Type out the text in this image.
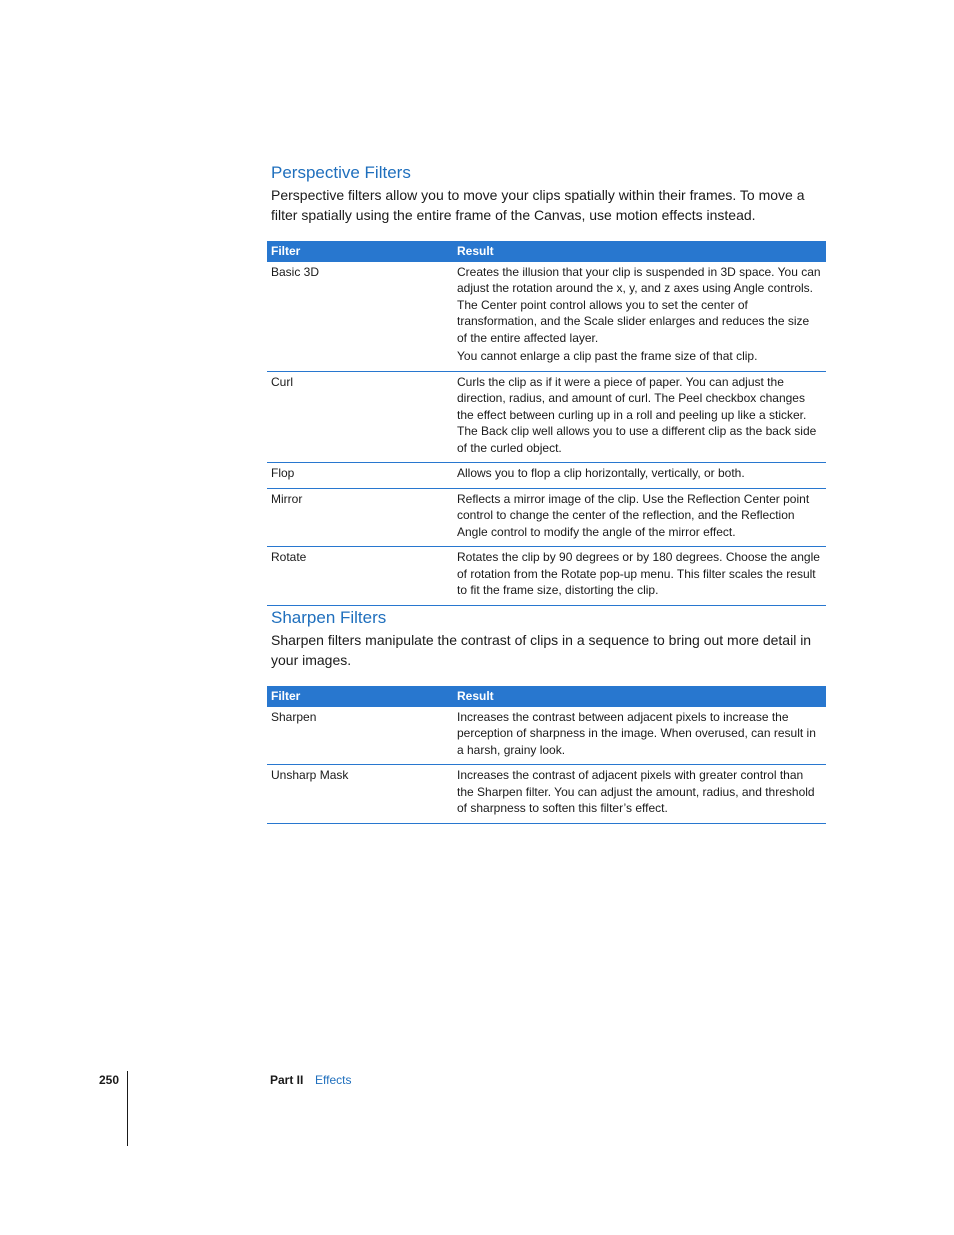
Perspective Filters

Perspective filters allow you to move your clips spatially within their frames. To move a filter spatially using the entire frame of the Canvas, use motion effects instead.

Filter	Result
Basic 3D	Creates the illusion that your clip is suspended in 3D space. You can adjust the rotation around the x, y, and z axes using Angle controls. The Center point control allows you to set the center of transformation, and the Scale slider enlarges and reduces the size of the entire affected layer.

You cannot enlarge a clip past the frame size of that clip.

Curl	Curls the clip as if it were a piece of paper. You can adjust the direction, radius, and amount of curl. The Peel checkbox changes the effect between curling up in a roll and peeling up like a sticker. The Back clip well allows you to use a different clip as the back side of the curled object.
Flop	Allows you to flop a clip horizontally, vertically, or both.
Mirror	Reflects a mirror image of the clip. Use the Reflection Center point control to change the center of the reflection, and the Reflection Angle control to modify the angle of the mirror effect.
Rotate	Rotates the clip by 90 degrees or by 180 degrees. Choose the angle of rotation from the Rotate pop-up menu. This filter scales the result to fit the frame size, distorting the clip.
Sharpen Filters

Sharpen filters manipulate the contrast of clips in a sequence to bring out more detail in your images.

Filter	Result
Sharpen	Increases the contrast between adjacent pixels to increase the perception of sharpness in the image. When overused, can result in a harsh, grainy look.
Unsharp Mask	Increases the contrast of adjacent pixels with greater control than the Sharpen filter. You can adjust the amount, radius, and threshold of sharpness to soften this filter’s effect.
250	Part II Effects
